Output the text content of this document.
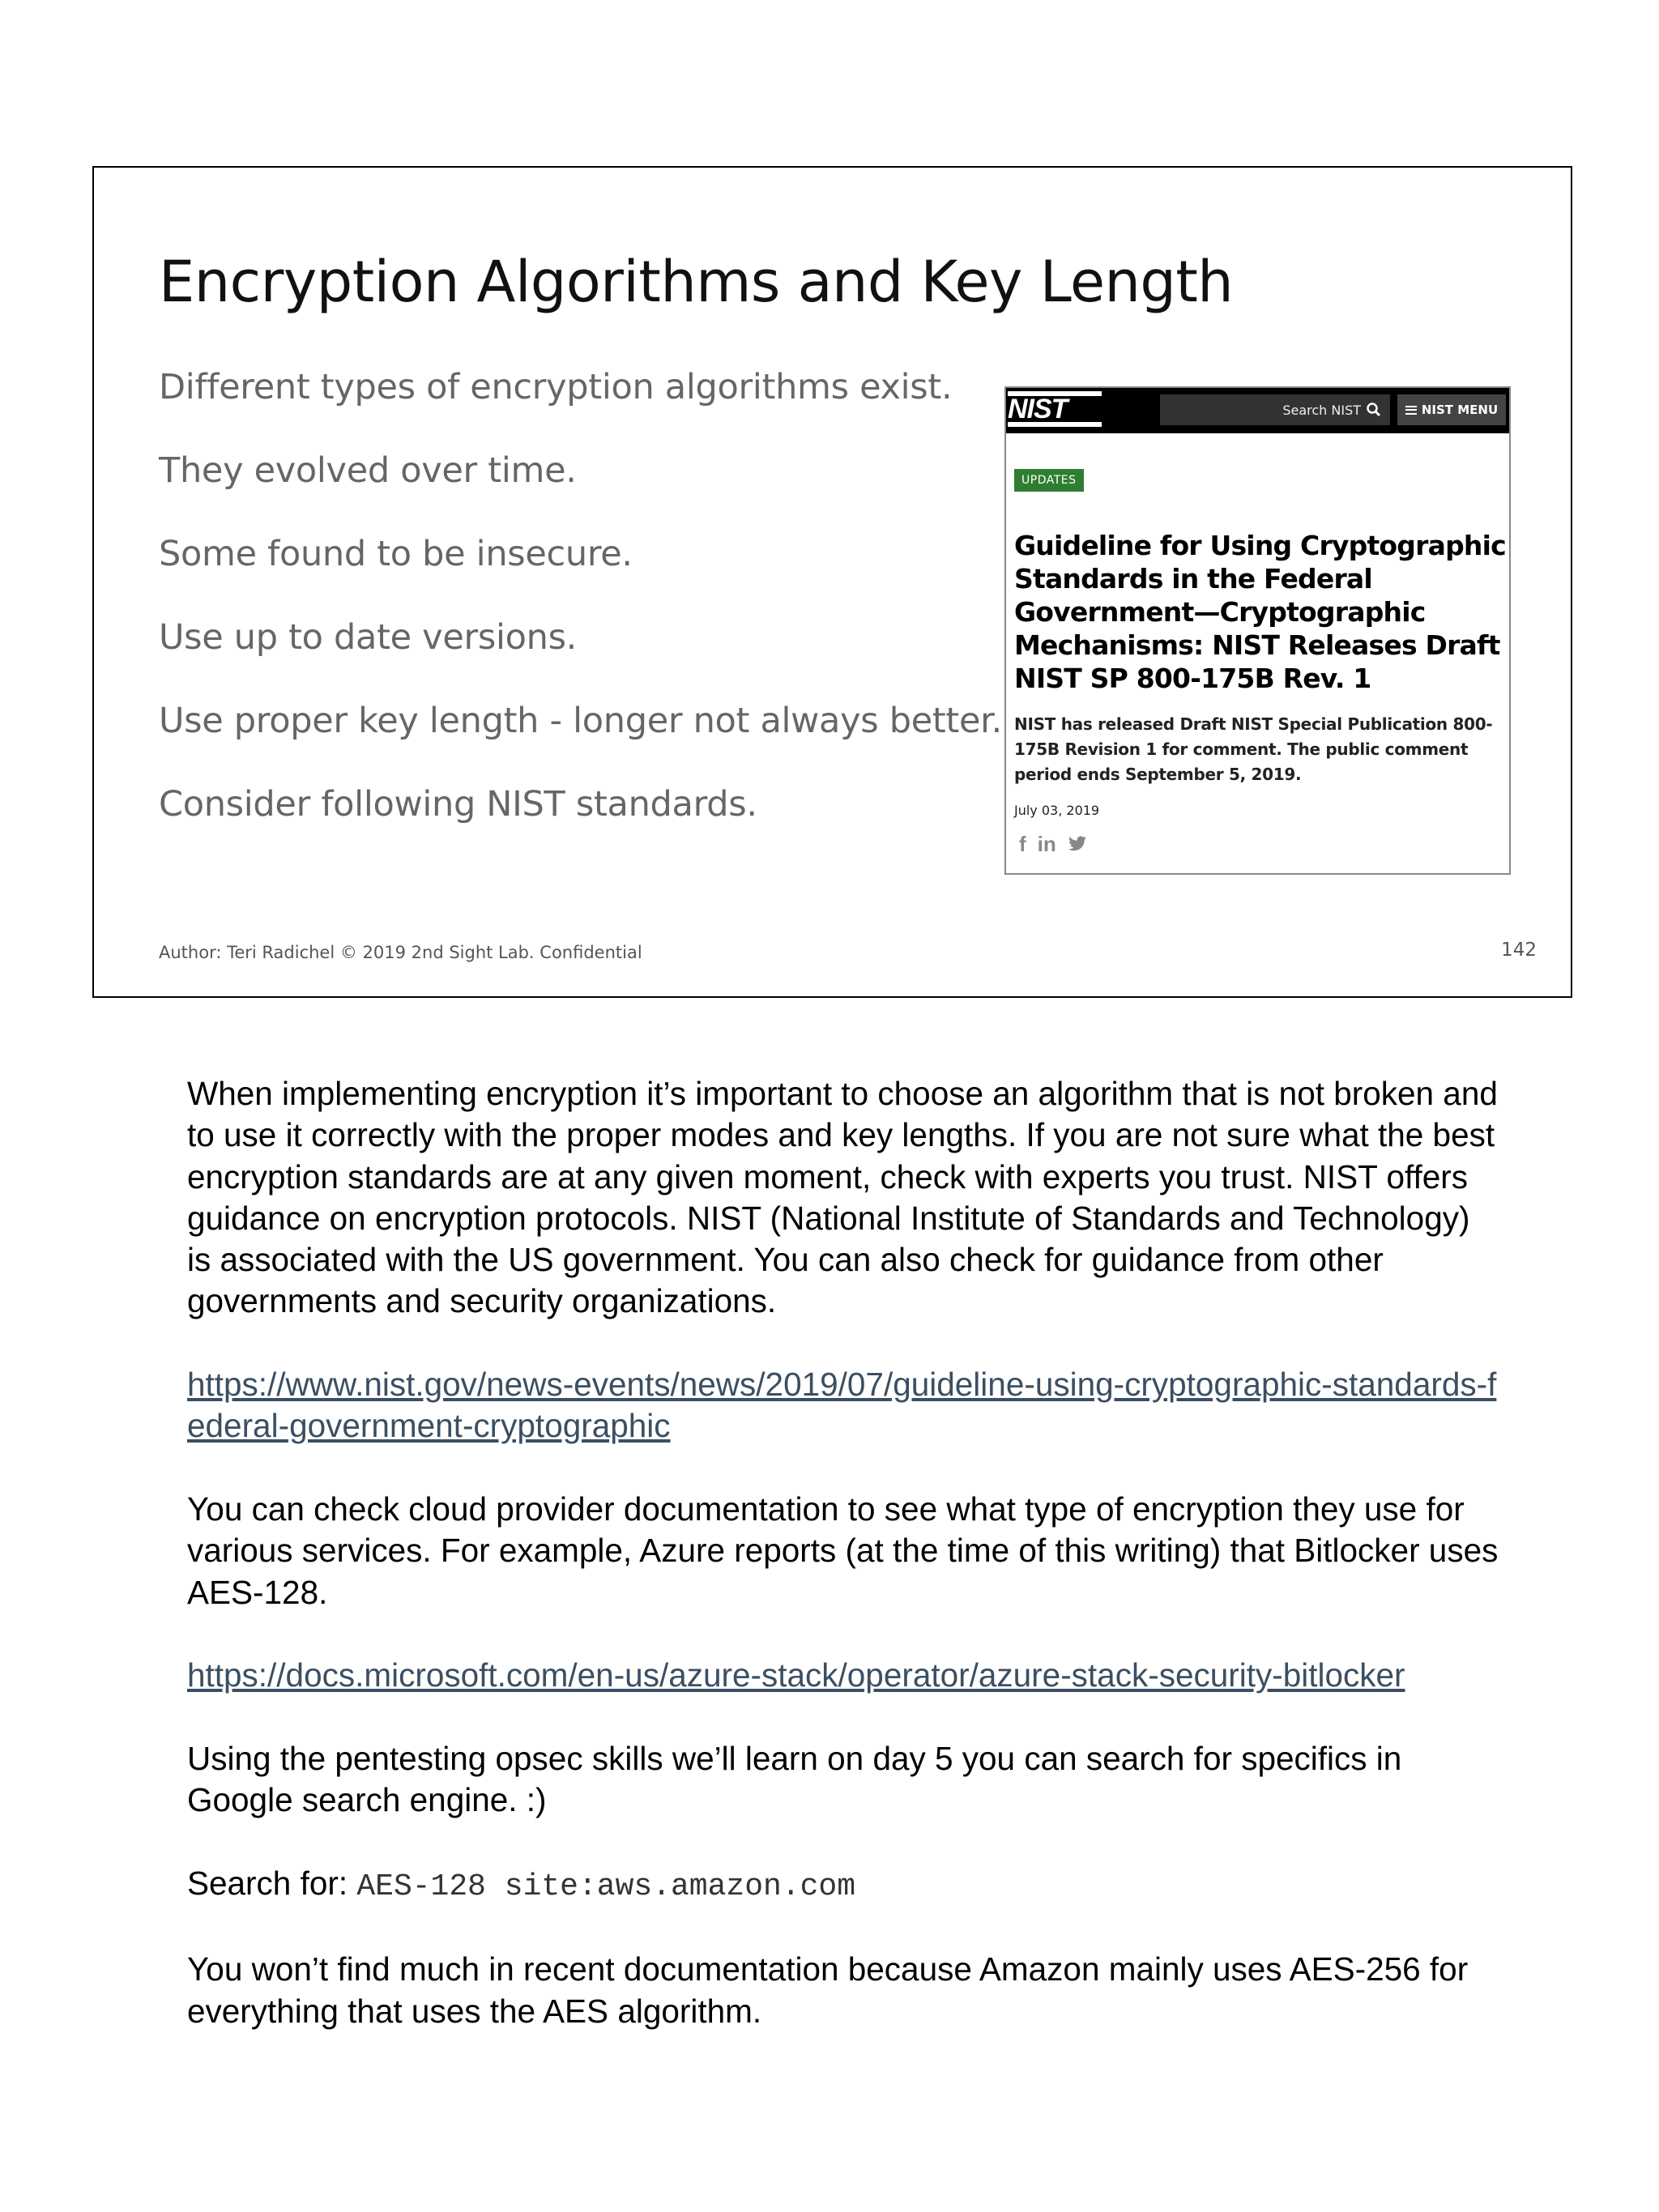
Encryption Algorithms and Key Length
Different types of encryption algorithms exist.
They evolved over time.
Some found to be insecure.
Use up to date versions.
Use proper key length - longer not always better.
Consider following NIST standards.
NIST	Search NIST	NIST MENU
UPDATES
Guideline for Using Cryptographic Standards in the Federal Government—Cryptographic Mechanisms: NIST Releases Draft NIST SP 800-175B Rev. 1

NIST has released Draft NIST Special Publication 800-175B Revision 1 for comment. The public comment period ends September 5, 2019.

July 03, 2019
f in
Author: Teri Radichel © 2019 2nd Sight Lab. Confidential	142

When implementing encryption it’s important to choose an algorithm that is not broken and to use it correctly with the proper modes and key lengths. If you are not sure what the best encryption standards are at any given moment, check with experts you trust. NIST offers guidance on encryption protocols. NIST (National Institute of Standards and Technology) is associated with the US government. You can also check for guidance from other governments and security organizations.

https://www.nist.gov/news-events/news/2019/07/guideline-using-cryptographic-standards-federal-government-cryptographic

You can check cloud provider documentation to see what type of encryption they use for various services. For example, Azure reports (at the time of this writing) that Bitlocker uses AES-128.

https://docs.microsoft.com/en-us/azure-stack/operator/azure-stack-security-bitlocker

Using the pentesting opsec skills we’ll learn on day 5 you can search for specifics in Google search engine. :)

Search for: AES-128 site:aws.amazon.com

You won’t find much in recent documentation because Amazon mainly uses AES-256 for everything that uses the AES algorithm.
